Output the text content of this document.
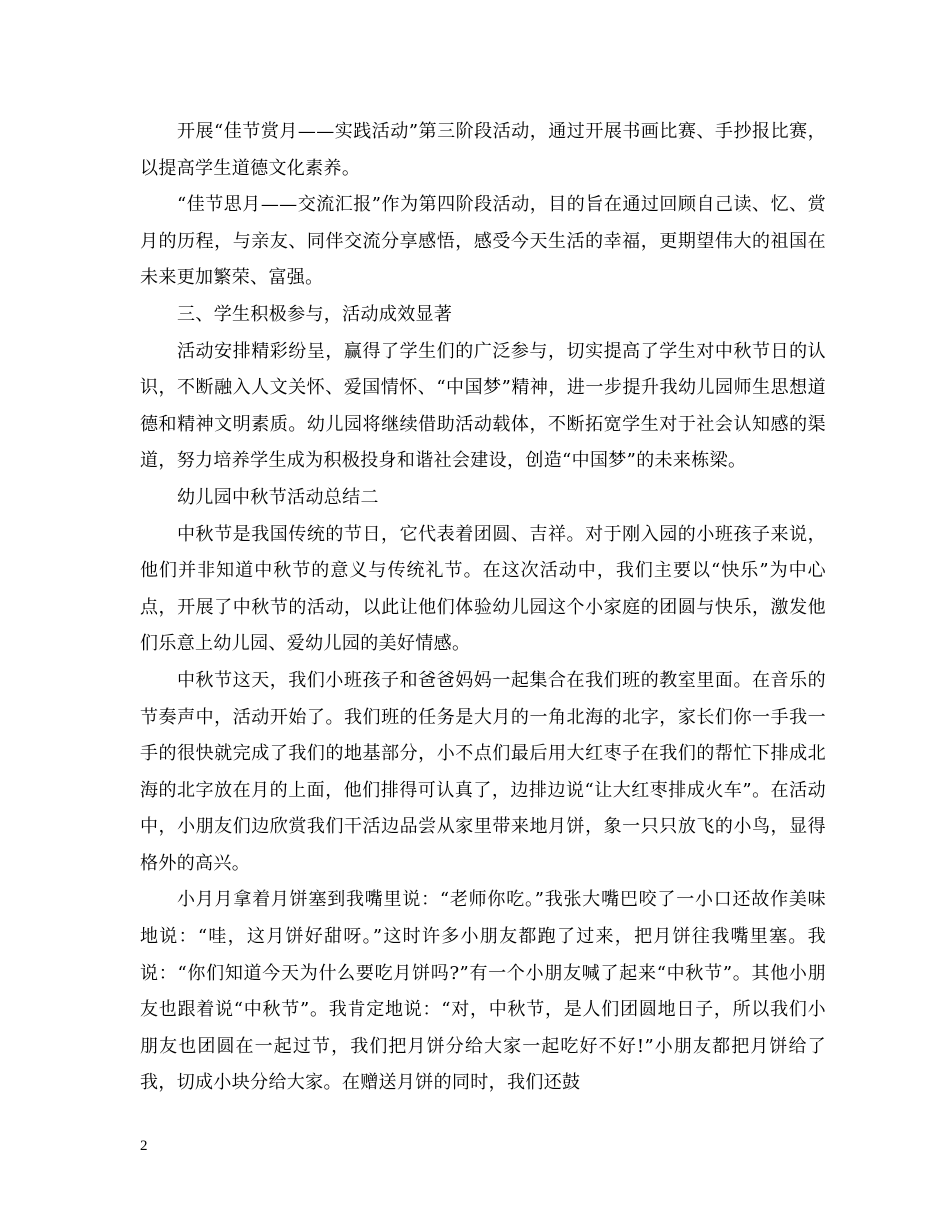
开展“佳节赏月——实践活动”第三阶段活动，通过开展书画比赛、手抄报比赛，以提高学生道德文化素养。

“佳节思月——交流汇报”作为第四阶段活动，目的旨在通过回顾自己读、忆、赏月的历程，与亲友、同伴交流分享感悟，感受今天生活的幸福，更期望伟大的祖国在未来更加繁荣、富强。

三、学生积极参与，活动成效显著

活动安排精彩纷呈，赢得了学生们的广泛参与，切实提高了学生对中秋节日的认识，不断融入人文关怀、爱国情怀、“中国梦”精神，进一步提升我幼儿园师生思想道德和精神文明素质。幼儿园将继续借助活动载体，不断拓宽学生对于社会认知感的渠道，努力培养学生成为积极投身和谐社会建设，创造“中国梦”的未来栋梁。

幼儿园中秋节活动总结二

中秋节是我国传统的节日，它代表着团圆、吉祥。对于刚入园的小班孩子来说，他们并非知道中秋节的意义与传统礼节。在这次活动中，我们主要以“快乐”为中心点，开展了中秋节的活动，以此让他们体验幼儿园这个小家庭的团圆与快乐，激发他们乐意上幼儿园、爱幼儿园的美好情感。

中秋节这天，我们小班孩子和爸爸妈妈一起集合在我们班的教室里面。在音乐的节奏声中，活动开始了。我们班的任务是大月的一角北海的北字，家长们你一手我一手的很快就完成了我们的地基部分，小不点们最后用大红枣子在我们的帮忙下排成北海的北字放在月的上面，他们排得可认真了，边排边说“让大红枣排成火车”。在活动中，小朋友们边欣赏我们干活边品尝从家里带来地月饼，象一只只放飞的小鸟，显得格外的高兴。

小月月拿着月饼塞到我嘴里说：“老师你吃。”我张大嘴巴咬了一小口还故作美味地说：“哇，这月饼好甜呀。”这时许多小朋友都跑了过来，把月饼往我嘴里塞。我说：“你们知道今天为什么要吃月饼吗?”有一个小朋友喊了起来“中秋节”。其他小朋友也跟着说“中秋节”。我肯定地说：“对，中秋节，是人们团圆地日子，所以我们小朋友也团圆在一起过节，我们把月饼分给大家一起吃好不好!”小朋友都把月饼给了我，切成小块分给大家。在赠送月饼的同时，我们还鼓

2
